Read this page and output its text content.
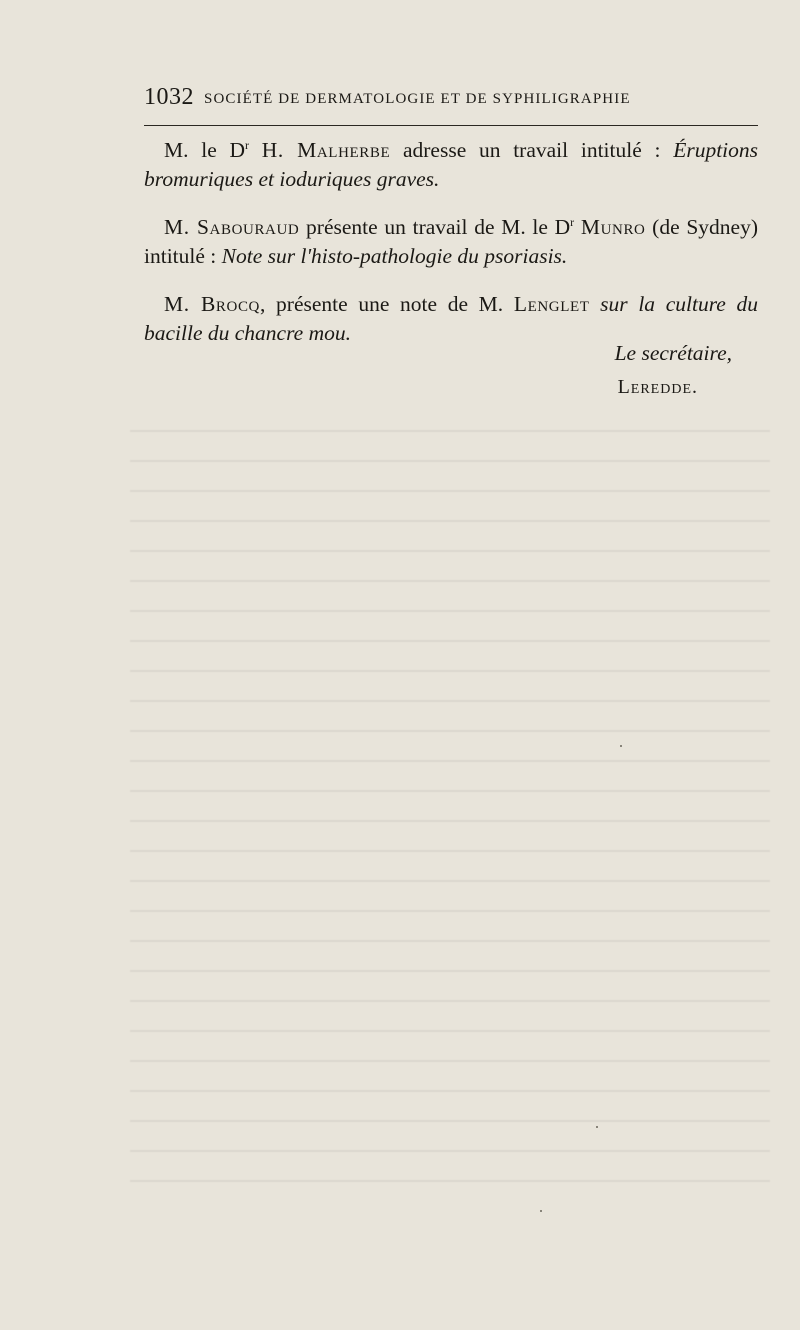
1032 SOCIÉTÉ DE DERMATOLOGIE ET DE SYPHILIGRAPHIE

M. le $D^r$ H. Malherbe adresse un travail intitulé : Éruptions bromuriques et ioduriques graves.

M. Sabouraud présente un travail de M. le $D^r$ Munro (de Sydney) intitulé : Note sur l'histo-pathologie du psoriasis.

M. Brocq, présente une note de M. Lenglet sur la culture du bacille du chancre mou.

Le secrétaire,
Leredde.
